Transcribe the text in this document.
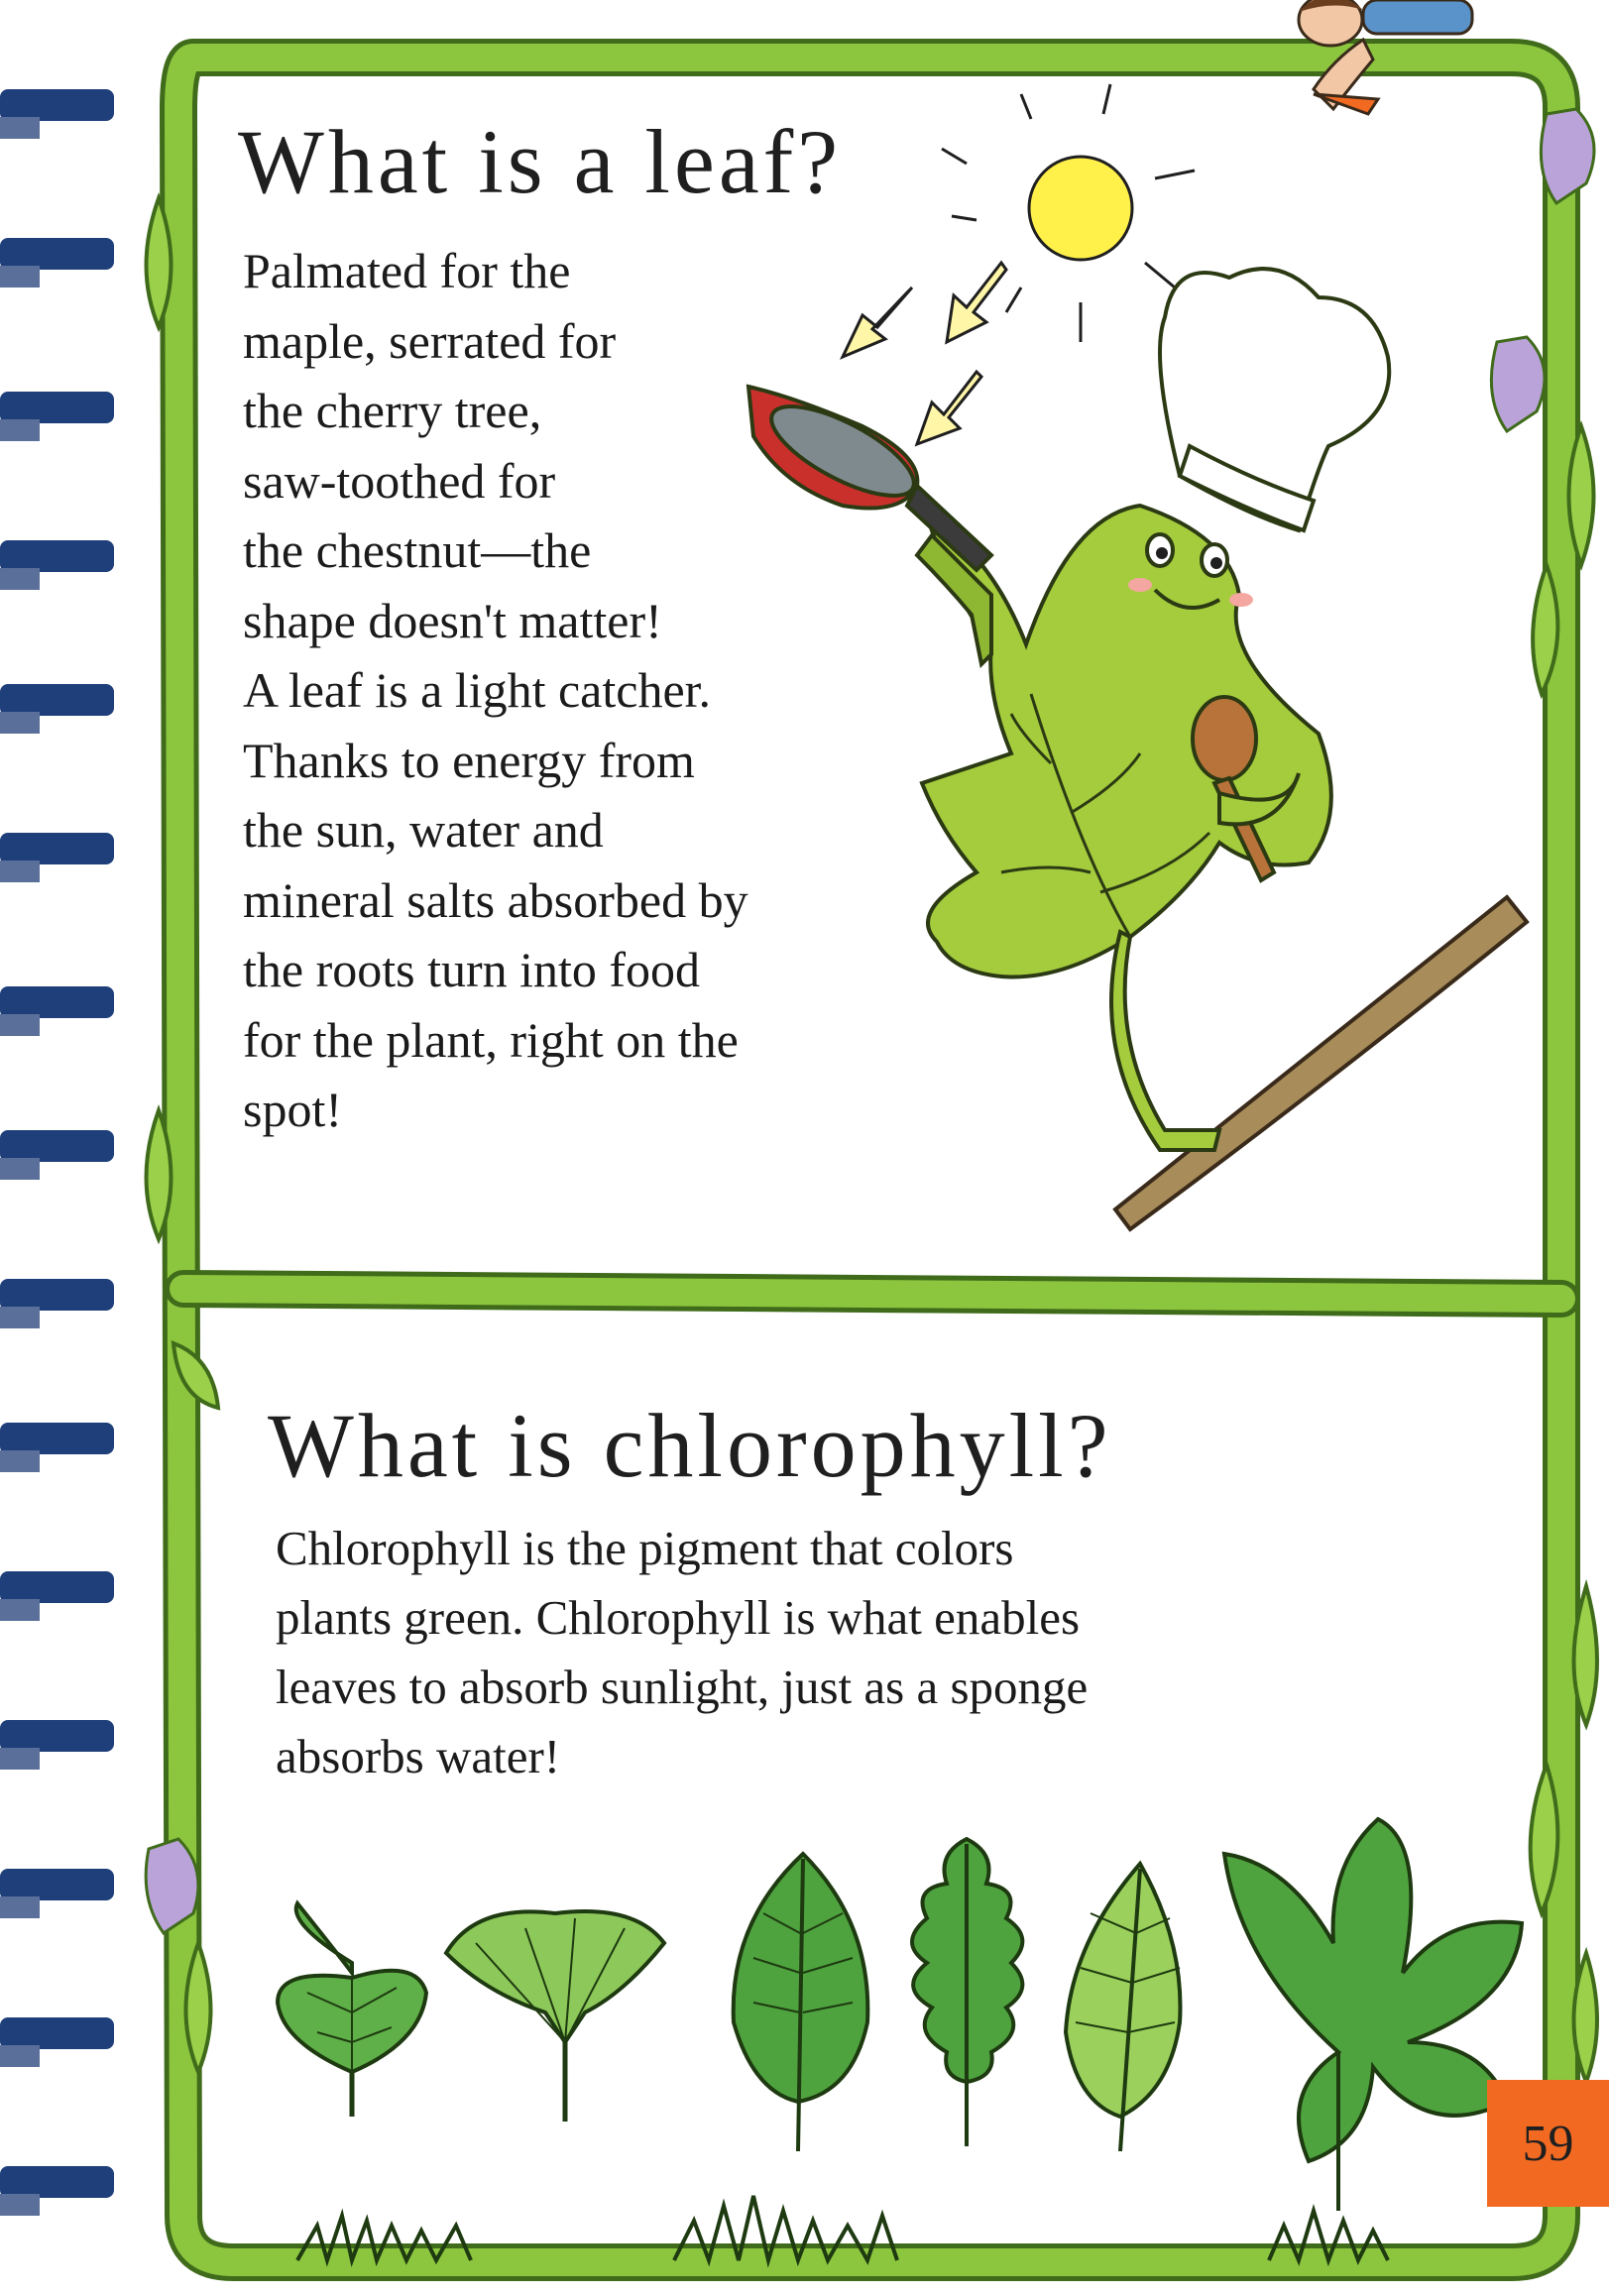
What is a leaf?

Palmated for the
maple, serrated for
the cherry tree,
saw-toothed for
the chestnut—the
shape doesn't matter!
A leaf is a light catcher.
Thanks to energy from
the sun, water and
mineral salts absorbed by
the roots turn into food
for the plant, right on the
spot!

What is chlorophyll?

Chlorophyll is the pigment that colors
plants green. Chlorophyll is what enables
leaves to absorb sunlight, just as a sponge
absorbs water!

59
